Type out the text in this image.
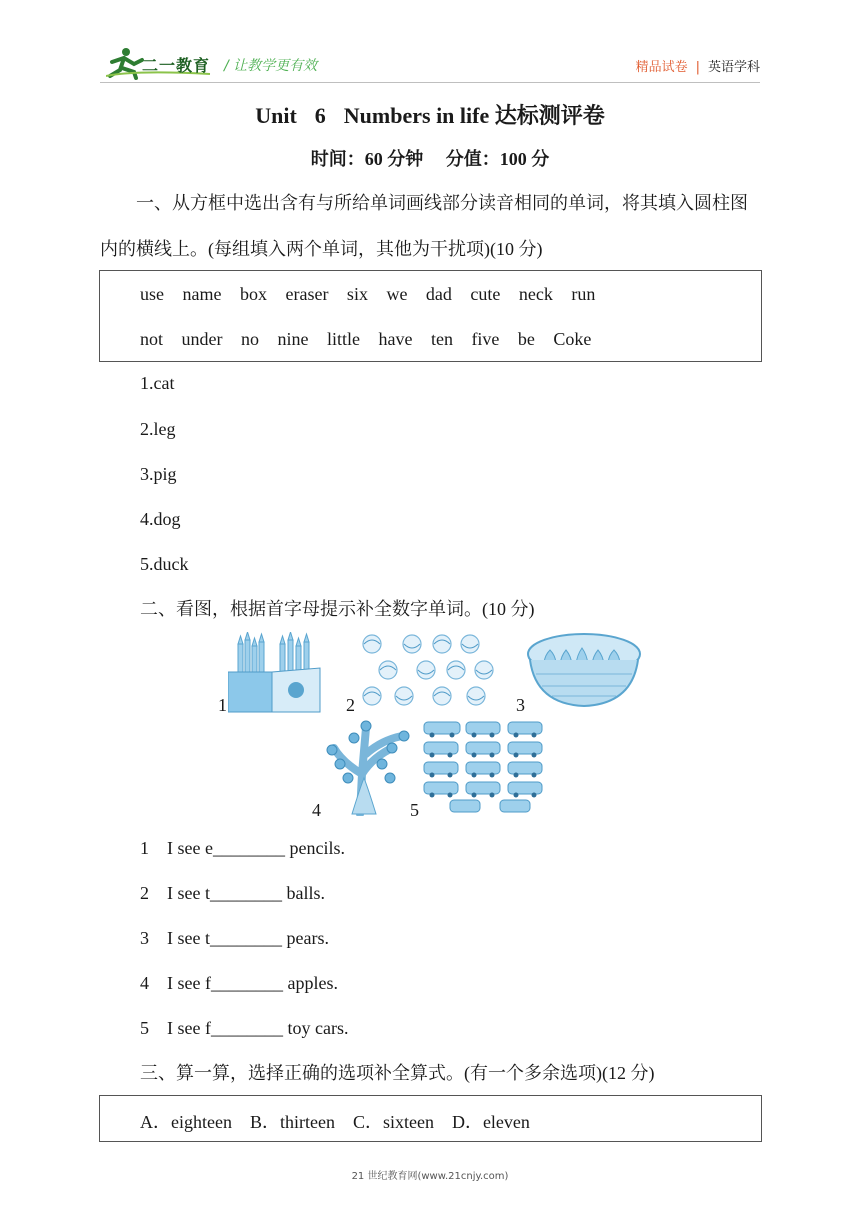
二一教育 / 让教学更有效	精品试卷 | 英语学科
Unit 6 Numbers in life 达标测评卷
时间：60 分钟　 分值：100 分
一、从方框中选出含有与所给单词画线部分读音相同的单词，将其填入圆柱图内的横线上。(每组填入两个单词，其他为干扰项)(10 分)
use name box eraser six we dad cute neck run
not under no nine little have ten five be Coke
1.cat
2.leg
3.pig
4.dog
5.duck
二、看图，根据首字母提示补全数字单词。(10 分)
1	2	3
4	5
1    I see e________ pencils.
2    I see t________ balls.
3    I see t________ pears.
4    I see f________ apples.
5    I see f________ toy cars.
三、算一算，选择正确的选项补全算式。(有一个多余选项)(12 分)
A．eighteen　B．thirteen　C．sixteen　D．eleven
21 世纪教育网(www.21cnjy.com)
